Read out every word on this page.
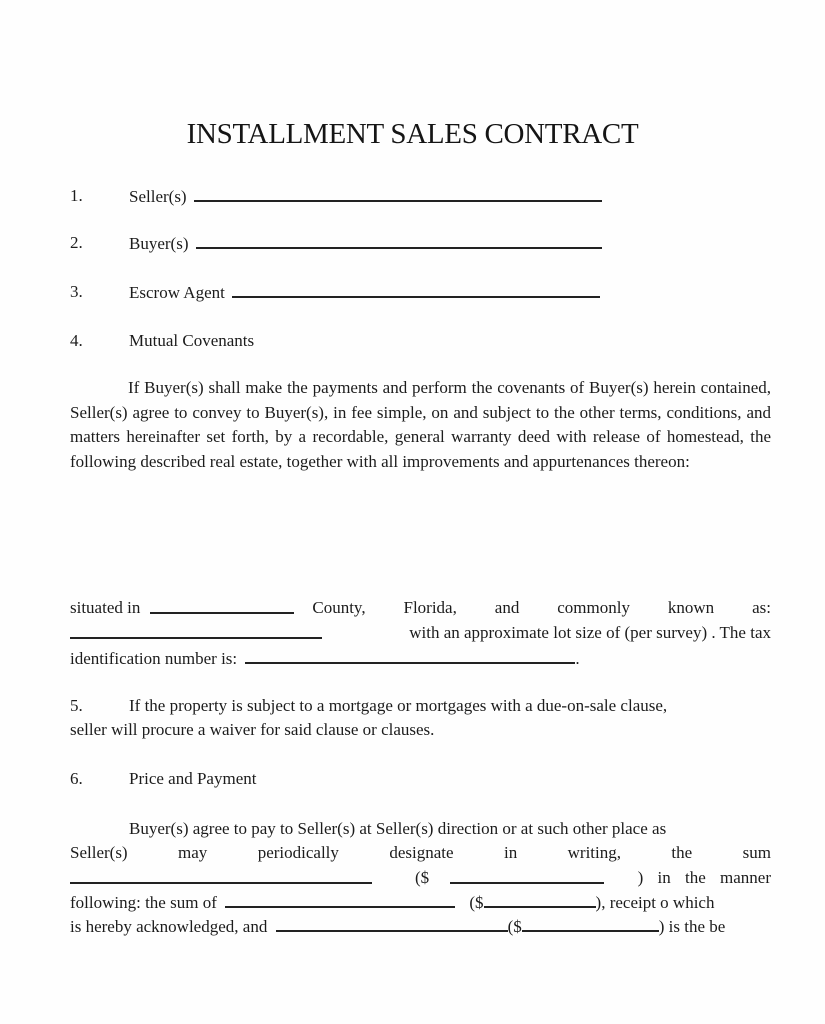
INSTALLMENT SALES CONTRACT
1.	Seller(s)
2.	Buyer(s)
3.	Escrow Agent
4.	Mutual Covenants
If Buyer(s) shall make the payments and perform the covenants of Buyer(s) herein contained, Seller(s) agree to convey to Buyer(s), in fee simple, on and subject to the other terms, conditions, and matters hereinafter set forth, by a recordable, general warranty deed with release of homestead, the following described real estate, together with all improvements and appurtenances thereon:
situated in	County, Florida, and commonly known as:
with an approximate lot size of (per survey) . The tax
identification number is:	.
5.	If the property is subject to a mortgage or mortgages with a due-on-sale clause,
seller will procure a waiver for said clause or clauses.
6.	Price and Payment
Buyer(s) agree to pay to Seller(s) at Seller(s) direction or at such other place as
Seller(s)	may	periodically	designate	in	writing,	the	sum
($	) in the manner
following: the sum of	($	), receipt o which
is hereby acknowledged, and	($	) is the be
